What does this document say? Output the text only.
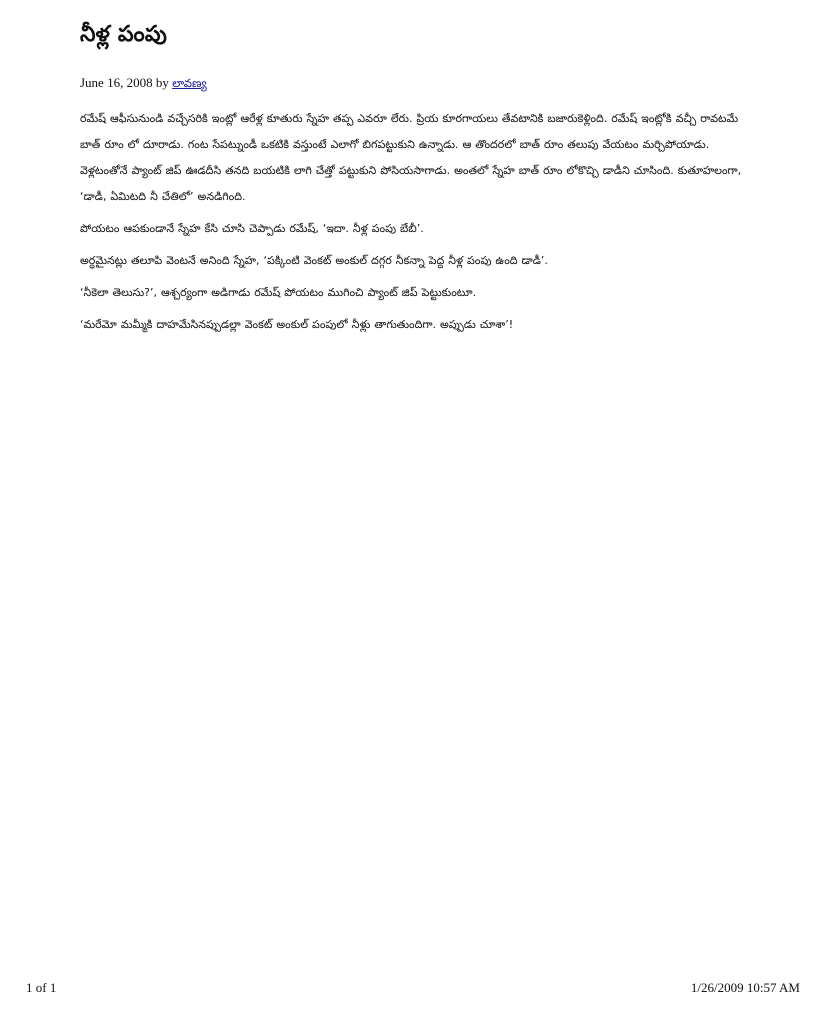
నీళ్ల పంపు
June 16, 2008 by లావణ్య

రమేష్ ఆఫీసునుండి వచ్చేసరికి ఇంట్లో ఆరేళ్ల కూతురు స్నేహ తప్ప ఎవరూ లేరు. ప్రియ కూరగాయలు తేవటానికి బజారుకెళ్లింది. రమేష్ ఇంట్లోకి వచ్చీ రావటమే బాత్ రూం లో దూరాడు. గంట సేపట్నుండీ ఒకటికి వస్తుంటే ఎలాగో బిగపట్టుకుని ఉన్నాడు. ఆ తొందరలో బాత్ రూం తలుపు వేయటం మర్చిపోయాడు. వెళ్లటంతోనే ప్యాంట్ జిప్ ఊడదీసి తనది బయటికి లాగి చేత్తో పట్టుకుని పోసియసాగాడు. అంతలో స్నేహ బాత్ రూం లోకొచ్చి డాడీని చూసింది. కుతూహలంగా, ‘డాడీ, ఏమిటది నీ చేతిలో’ అనడిగింది.

పోయటం ఆపకుండానే స్నేహ కేసి చూసి చెప్పాడు రమేష్, ‘ఇదా. నీళ్ల పంపు బేబీ’.

అర్ధమైనట్లు తలూపి వెంటనే అనింది స్నేహ, ‘పక్కింటి వెంకట్ అంకుల్ దగ్గర నీకన్నా పెద్ద నీళ్ల పంపు ఉంది డాడీ’.

‘నీకెలా తెలుసు?’, ఆశ్చర్యంగా అడిగాడు రమేష్ పోయటం ముగించి ప్యాంట్ జిప్ పెట్టుకుంటూ.

‘మరేమో మమ్మీకి దాహమేసినప్పుడల్లా వెంకట్ అంకుల్ పంపులో నీళ్లు తాగుతుందిగా. అప్పుడు చూశా’!

1 of 1	1/26/2009 10:57 AM
